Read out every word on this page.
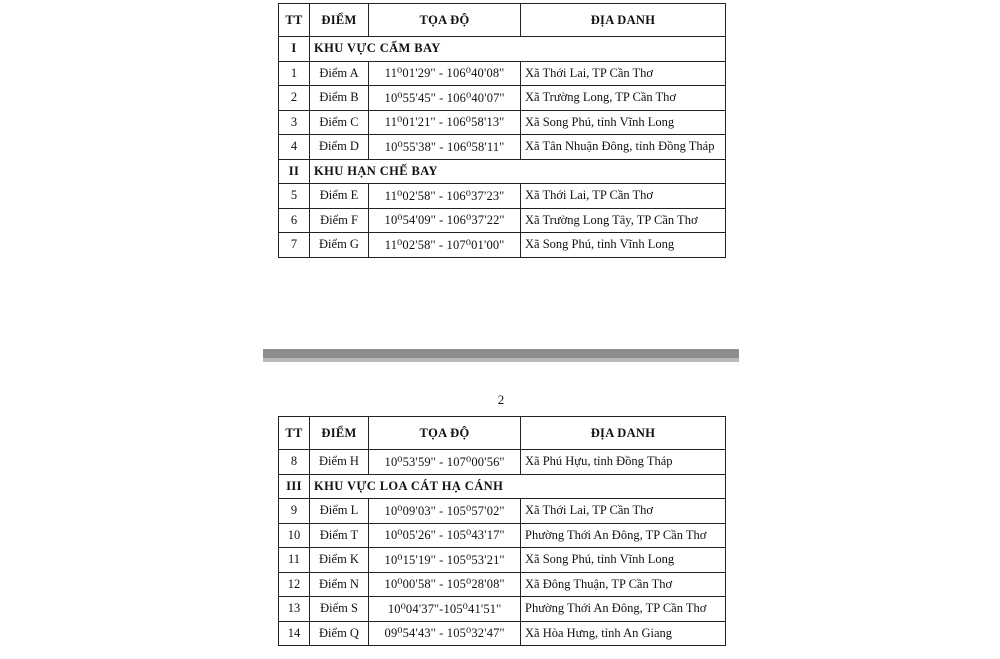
TT	ĐIỂM	TỌA ĐỘ	ĐỊA DANH
I	KHU VỰC CẤM BAY		
1	Điểm A	11⁰01'29'' - 106⁰40'08''	Xã Thới Lai, TP Cần Thơ
2	Điểm B	10⁰55'45'' - 106⁰40'07''	Xã Trường Long, TP Cần Thơ
3	Điểm C	11⁰01'21'' - 106⁰58'13''	Xã Song Phú, tỉnh Vĩnh Long
4	Điểm D	10⁰55'38'' - 106⁰58'11''	Xã Tân Nhuận Đông, tỉnh Đồng Tháp
II	KHU HẠN CHẾ BAY		
5	Điểm E	11⁰02'58'' - 106⁰37'23''	Xã Thới Lai, TP Cần Thơ
6	Điểm F	10⁰54'09'' - 106⁰37'22''	Xã Trường Long Tây, TP Cần Thơ
7	Điểm G	11⁰02'58'' - 107⁰01'00''	Xã Song Phú, tỉnh Vĩnh Long
2
TT	ĐIỂM	TỌA ĐỘ	ĐỊA DANH
8	Điểm H	10⁰53'59'' - 107⁰00'56''	Xã Phú Hựu, tỉnh Đồng Tháp
III	KHU VỰC LOA CÁT HẠ CÁNH		
9	Điểm L	10⁰09'03'' - 105⁰57'02''	Xã Thới Lai, TP Cần Thơ
10	Điểm T	10⁰05'26'' - 105⁰43'17''	Phường Thới An Đông, TP Cần Thơ
11	Điểm K	10⁰15'19'' - 105⁰53'21''	Xã Song Phú, tỉnh Vĩnh Long
12	Điểm N	10⁰00'58'' - 105⁰28'08''	Xã Đông Thuận, TP Cần Thơ
13	Điểm S	10⁰04'37''-105⁰41'51''	Phường Thới An Đông, TP Cần Thơ
14	Điểm Q	09⁰54'43'' - 105⁰32'47''	Xã Hòa Hưng, tỉnh An Giang
